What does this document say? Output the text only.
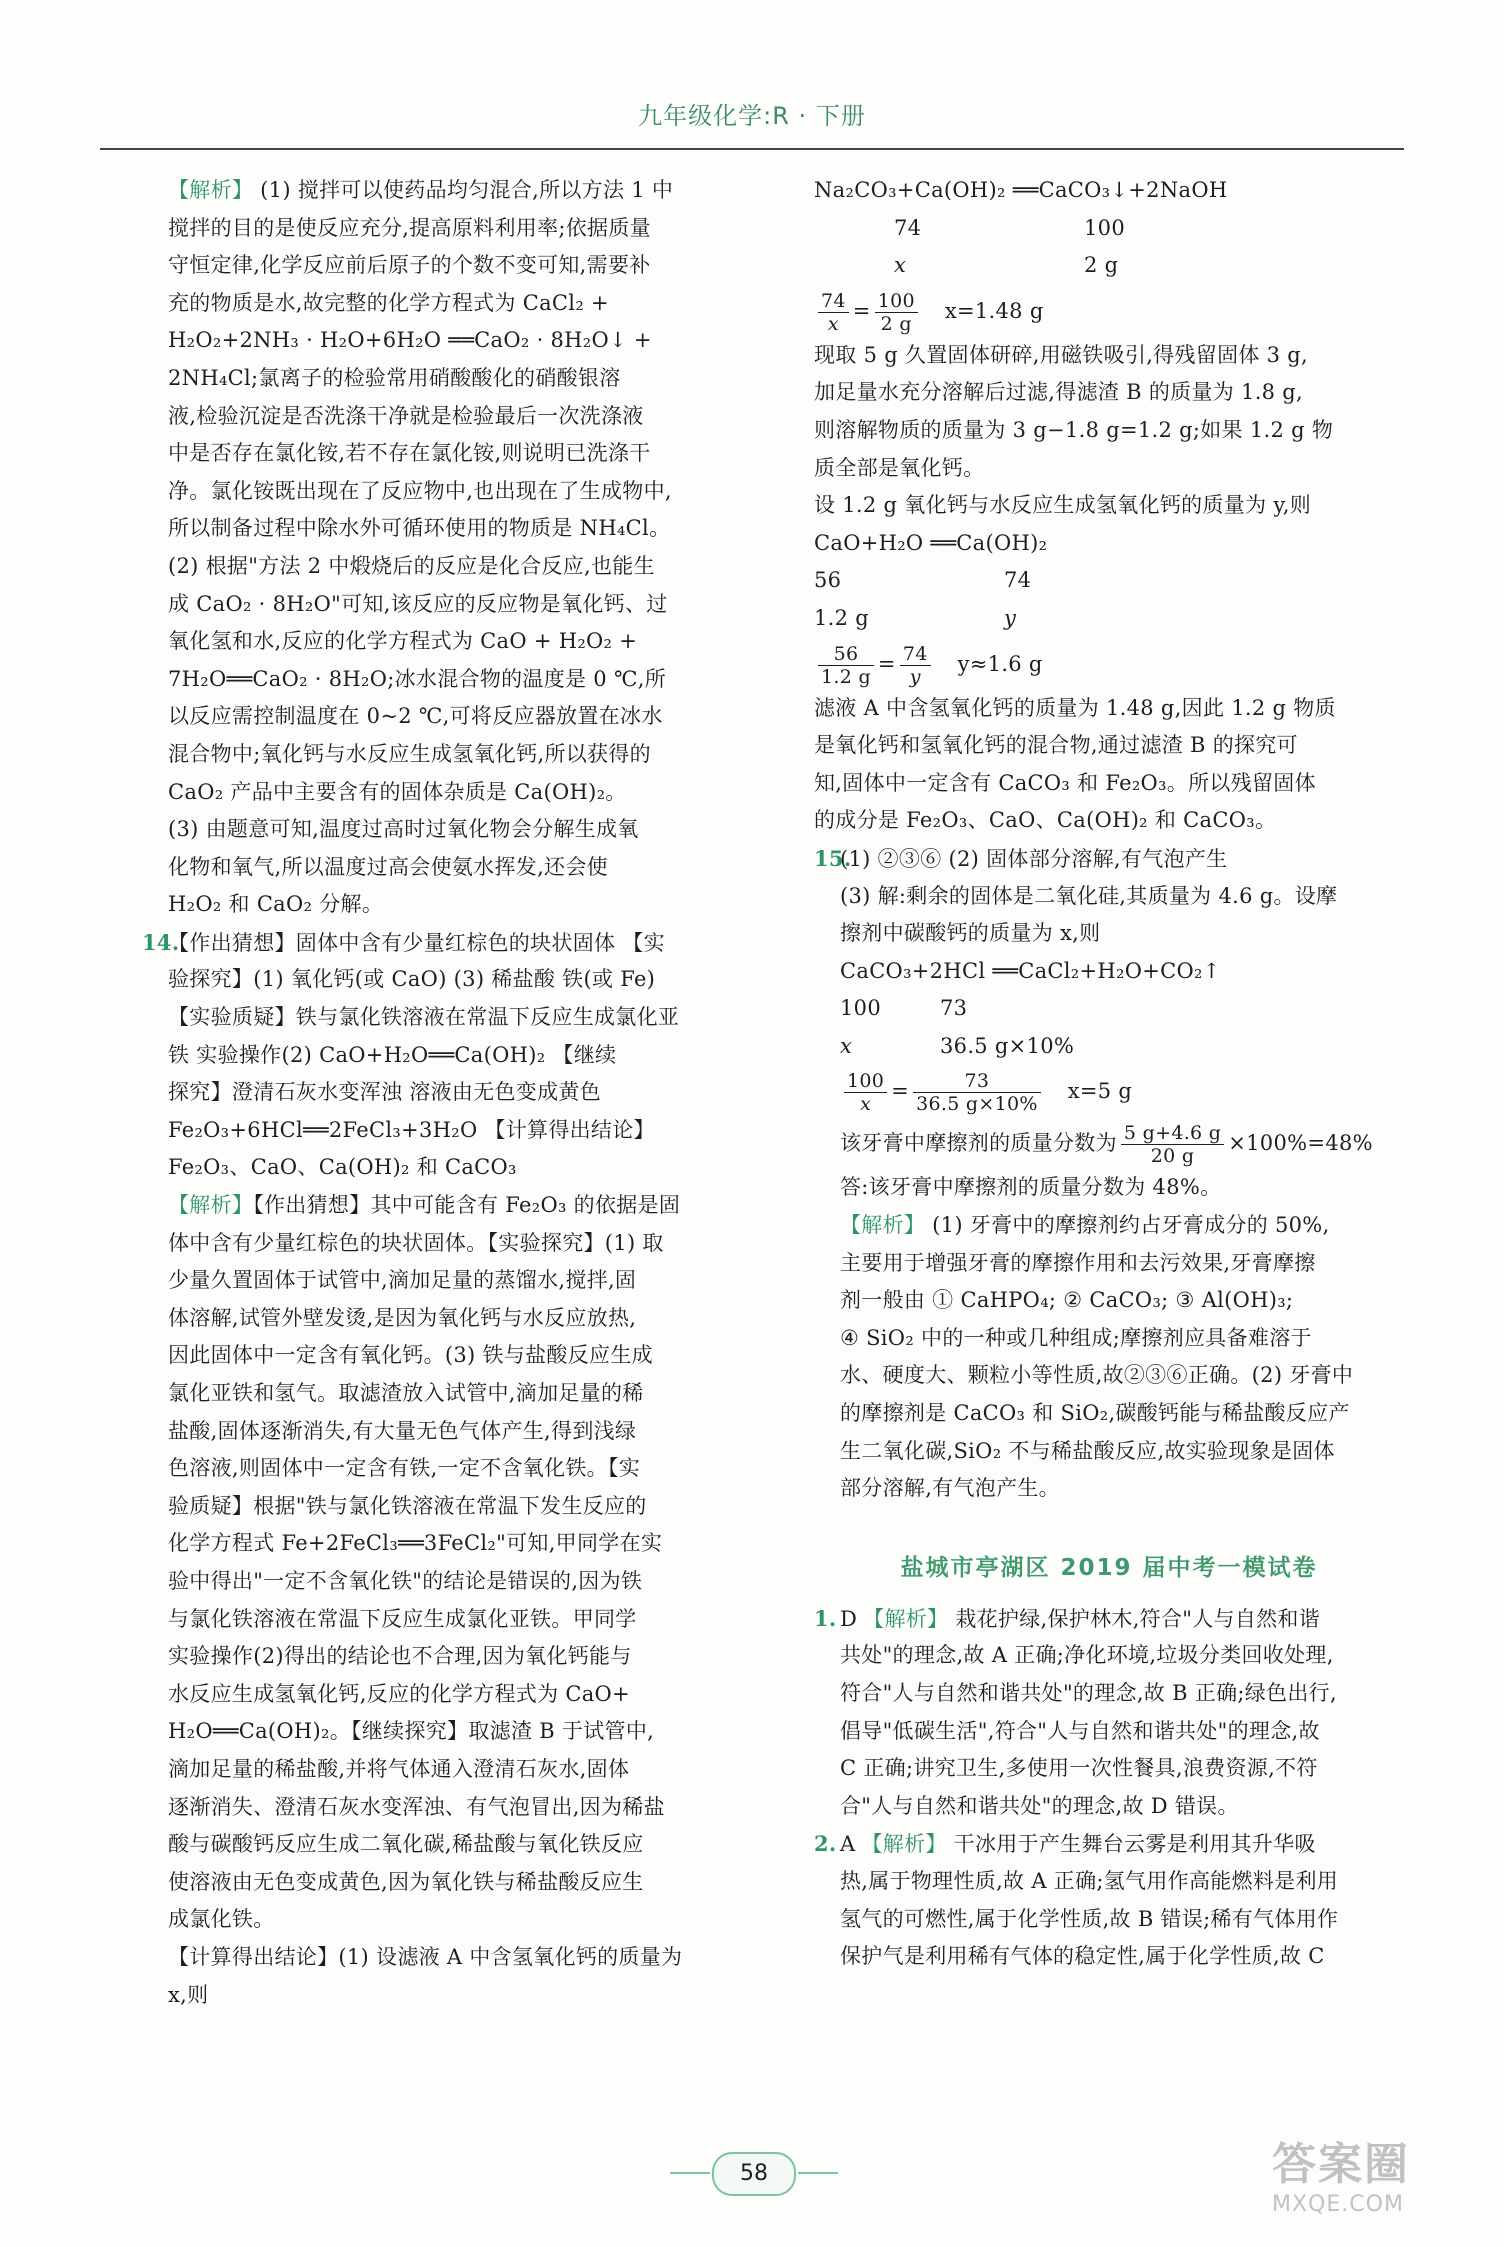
九年级化学:R · 下册
【解析】 (1) 搅拌可以使药品均匀混合,所以方法 1 中
搅拌的目的是使反应充分,提高原料利用率;依据质量
守恒定律,化学反应前后原子的个数不变可知,需要补
充的物质是水,故完整的化学方程式为 CaCl₂ +
H₂O₂+2NH₃ · H₂O+6H₂O ══CaO₂ · 8H₂O↓ +
2NH₄Cl;氯离子的检验常用硝酸酸化的硝酸银溶
液,检验沉淀是否洗涤干净就是检验最后一次洗涤液
中是否存在氯化铵,若不存在氯化铵,则说明已洗涤干
净。氯化铵既出现在了反应物中,也出现在了生成物中,
所以制备过程中除水外可循环使用的物质是 NH₄Cl。
(2) 根据"方法 2 中煅烧后的反应是化合反应,也能生
成 CaO₂ · 8H₂O"可知,该反应的反应物是氧化钙、过
氧化氢和水,反应的化学方程式为 CaO + H₂O₂ +
7H₂O══CaO₂ · 8H₂O;冰水混合物的温度是 0 ℃,所
以反应需控制温度在 0~2 ℃,可将反应器放置在冰水
混合物中;氧化钙与水反应生成氢氧化钙,所以获得的
CaO₂ 产品中主要含有的固体杂质是 Ca(OH)₂。
(3) 由题意可知,温度过高时过氧化物会分解生成氧
化物和氧气,所以温度过高会使氨水挥发,还会使
H₂O₂ 和 CaO₂ 分解。
14.【作出猜想】固体中含有少量红棕色的块状固体 【实
验探究】(1) 氧化钙(或 CaO) (3) 稀盐酸 铁(或 Fe)
【实验质疑】铁与氯化铁溶液在常温下反应生成氯化亚
铁 实验操作(2) CaO+H₂O══Ca(OH)₂ 【继续
探究】澄清石灰水变浑浊 溶液由无色变成黄色
Fe₂O₃+6HCl══2FeCl₃+3H₂O 【计算得出结论】
Fe₂O₃、CaO、Ca(OH)₂ 和 CaCO₃
【解析】【作出猜想】其中可能含有 Fe₂O₃ 的依据是固
体中含有少量红棕色的块状固体。【实验探究】(1) 取
少量久置固体于试管中,滴加足量的蒸馏水,搅拌,固
体溶解,试管外壁发烫,是因为氧化钙与水反应放热,
因此固体中一定含有氧化钙。(3) 铁与盐酸反应生成
氯化亚铁和氢气。取滤渣放入试管中,滴加足量的稀
盐酸,固体逐渐消失,有大量无色气体产生,得到浅绿
色溶液,则固体中一定含有铁,一定不含氧化铁。【实
验质疑】根据"铁与氯化铁溶液在常温下发生反应的
化学方程式 Fe+2FeCl₃══3FeCl₂"可知,甲同学在实
验中得出"一定不含氧化铁"的结论是错误的,因为铁
与氯化铁溶液在常温下反应生成氯化亚铁。甲同学
实验操作(2)得出的结论也不合理,因为氧化钙能与
水反应生成氢氧化钙,反应的化学方程式为 CaO+
H₂O══Ca(OH)₂。【继续探究】取滤渣 B 于试管中,
滴加足量的稀盐酸,并将气体通入澄清石灰水,固体
逐渐消失、澄清石灰水变浑浊、有气泡冒出,因为稀盐
酸与碳酸钙反应生成二氧化碳,稀盐酸与氧化铁反应
使溶液由无色变成黄色,因为氧化铁与稀盐酸反应生
成氯化铁。
【计算得出结论】(1) 设滤液 A 中含氢氧化钙的质量为
x,则
Na₂CO₃+Ca(OH)₂ ══CaCO₃↓+2NaOH
74	100
x	2 g
$\frac{74}{x} = \frac{100}{2 g} x=1.48$ g
现取 5 g 久置固体研碎,用磁铁吸引,得残留固体 3 g,
加足量水充分溶解后过滤,得滤渣 B 的质量为 1.8 g,
则溶解物质的质量为 3 g−1.8 g=1.2 g;如果 1.2 g 物
质全部是氧化钙。
设 1.2 g 氧化钙与水反应生成氢氧化钙的质量为 y,则
CaO+H₂O ══Ca(OH)₂
56	74
1.2 g	y
$\frac{56}{1.2 g} = \frac{74}{y} y\approx 1.6$ g
滤液 A 中含氢氧化钙的质量为 1.48 g,因此 1.2 g 物质
是氧化钙和氢氧化钙的混合物,通过滤渣 B 的探究可
知,固体中一定含有 CaCO₃ 和 Fe₂O₃。所以残留固体
的成分是 Fe₂O₃、CaO、Ca(OH)₂ 和 CaCO₃。
15.(1) ②③⑥ (2) 固体部分溶解,有气泡产生
(3) 解:剩余的固体是二氧化硅,其质量为 4.6 g。设摩
擦剂中碳酸钙的质量为 x,则
CaCO₃+2HCl ══CaCl₂+H₂O+CO₂↑
100	73
x	36.5 g×10%
$\frac{100}{x} = \frac{73}{36.5 g\times 10\%} x=5$ g
该牙膏中摩擦剂的质量分数为 $\frac{5 g+4.6 g}{20 g} \times 100\%=48\%$
答:该牙膏中摩擦剂的质量分数为 48%。
【解析】 (1) 牙膏中的摩擦剂约占牙膏成分的 50%,
主要用于增强牙膏的摩擦作用和去污效果,牙膏摩擦
剂一般由 ① CaHPO₄; ② CaCO₃; ③ Al(OH)₃;
④ SiO₂ 中的一种或几种组成;摩擦剂应具备难溶于
水、硬度大、颗粒小等性质,故②③⑥正确。(2) 牙膏中
的摩擦剂是 CaCO₃ 和 SiO₂,碳酸钙能与稀盐酸反应产
生二氧化碳,SiO₂ 不与稀盐酸反应,故实验现象是固体
部分溶解,有气泡产生。
盐城市亭湖区 2019 届中考一模试卷
1. D 【解析】 栽花护绿,保护林木,符合"人与自然和谐
共处"的理念,故 A 正确;净化环境,垃圾分类回收处理,
符合"人与自然和谐共处"的理念,故 B 正确;绿色出行,
倡导"低碳生活",符合"人与自然和谐共处"的理念,故
C 正确;讲究卫生,多使用一次性餐具,浪费资源,不符
合"人与自然和谐共处"的理念,故 D 错误。
2. A 【解析】 干冰用于产生舞台云雾是利用其升华吸
热,属于物理性质,故 A 正确;氢气用作高能燃料是利用
氢气的可燃性,属于化学性质,故 B 错误;稀有气体用作
保护气是利用稀有气体的稳定性,属于化学性质,故 C
58	答案圈
MXQE.COM
